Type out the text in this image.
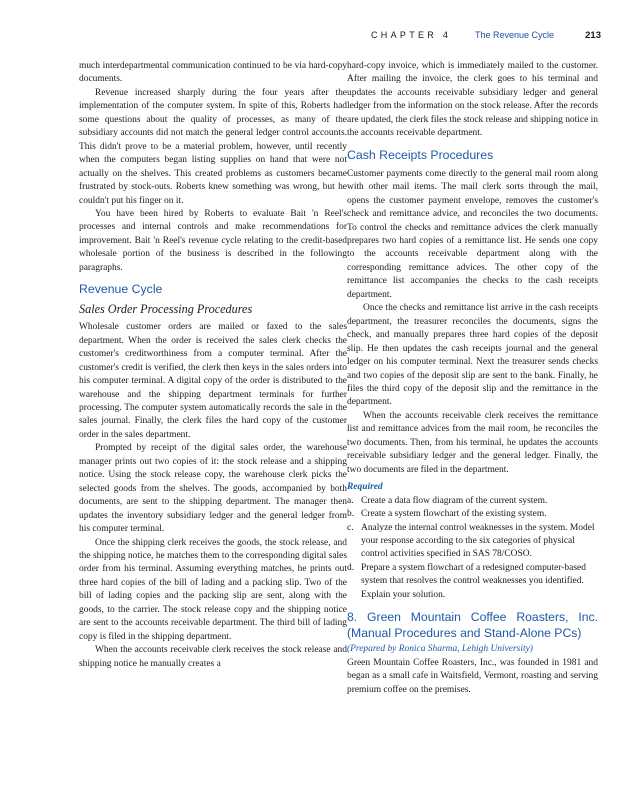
CHAPTER 4	The Revenue Cycle	213

much interdepartmental communication continued to be via hard-copy documents.

Revenue increased sharply during the four years after the implementation of the computer system. In spite of this, Roberts had some questions about the quality of processes, as many of the subsidiary accounts did not match the general ledger control accounts. This didn't prove to be a material problem, however, until recently when the computers began listing supplies on hand that were not actually on the shelves. This created problems as customers became frustrated by stock-outs. Roberts knew something was wrong, but he couldn't put his finger on it.

You have been hired by Roberts to evaluate Bait 'n Reel's processes and internal controls and make recommendations for improvement. Bait 'n Reel's revenue cycle relating to the credit-based wholesale portion of the business is described in the following paragraphs.

Revenue Cycle
Sales Order Processing Procedures

Wholesale customer orders are mailed or faxed to the sales department. When the order is received the sales clerk checks the customer's creditworthiness from a computer terminal. After the customer's credit is verified, the clerk then keys in the sales orders into his computer terminal. A digital copy of the order is distributed to the warehouse and the shipping department terminals for further processing. The computer system automatically records the sale in the sales journal. Finally, the clerk files the hard copy of the customer order in the sales department.

Prompted by receipt of the digital sales order, the warehouse manager prints out two copies of it: the stock release and a shipping notice. Using the stock release copy, the warehouse clerk picks the selected goods from the shelves. The goods, accompanied by both documents, are sent to the shipping department. The manager then updates the inventory subsidiary ledger and the general ledger from his computer terminal.

Once the shipping clerk receives the goods, the stock release, and the shipping notice, he matches them to the corresponding digital sales order from his terminal. Assuming everything matches, he prints out three hard copies of the bill of lading and a packing slip. Two of the bill of lading copies and the packing slip are sent, along with the goods, to the carrier. The stock release copy and the shipping notice are sent to the accounts receivable department. The third bill of lading copy is filed in the shipping department.

When the accounts receivable clerk receives the stock release and shipping notice he manually creates a

hard-copy invoice, which is immediately mailed to the customer. After mailing the invoice, the clerk goes to his terminal and updates the accounts receivable subsidiary ledger and general ledger from the information on the stock release. After the records are updated, the clerk files the stock release and shipping notice in the accounts receivable department.

Cash Receipts Procedures

Customer payments come directly to the general mail room along with other mail items. The mail clerk sorts through the mail, opens the customer payment envelope, removes the customer's check and remittance advice, and reconciles the two documents. To control the checks and remittance advices the clerk manually prepares two hard copies of a remittance list. He sends one copy to the accounts receivable department along with the corresponding remittance advices. The other copy of the remittance list accompanies the checks to the cash receipts department.

Once the checks and remittance list arrive in the cash receipts department, the treasurer reconciles the documents, signs the check, and manually prepares three hard copies of the deposit slip. He then updates the cash receipts journal and the general ledger on his computer terminal. Next the treasurer sends checks and two copies of the deposit slip are sent to the bank. Finally, he files the third copy of the deposit slip and the remittance in the department.

When the accounts receivable clerk receives the remittance list and remittance advices from the mail room, he reconciles the two documents. Then, from his terminal, he updates the accounts receivable subsidiary ledger and the general ledger. Finally, the two documents are filed in the department.

Required
a. Create a data flow diagram of the current system.
b. Create a system flowchart of the existing system.
c. Analyze the internal control weaknesses in the system. Model your response according to the six categories of physical control activities specified in SAS 78/COSO.
d. Prepare a system flowchart of a redesigned computer-based system that resolves the control weaknesses you identified. Explain your solution.
8. Green Mountain Coffee Roasters, Inc. (Manual Procedures and Stand-Alone PCs)
(Prepared by Ronica Sharma, Lehigh University)

Green Mountain Coffee Roasters, Inc., was founded in 1981 and began as a small cafe in Waitsfield, Vermont, roasting and serving premium coffee on the premises.
